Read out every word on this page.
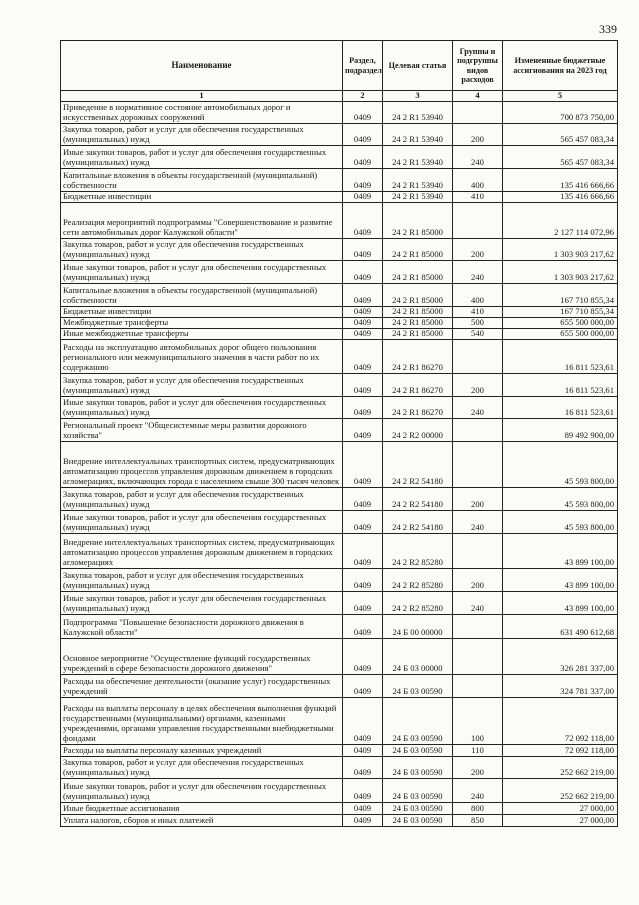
339
Наименование	Раздел, подраздел	Целевая статья	Группы и подгруппы видов расходов	Измененные бюджетные ассигнования на 2023 год
1	2	3	4	5
Приведение в нормативное состояние автомобильных дорог и искусственных дорожных сооружений	0409	24 2 R1 53940		700 873 750,00
Закупка товаров, работ и услуг для обеспечения государственных (муниципальных) нужд	0409	24 2 R1 53940	200	565 457 083,34
Иные закупки товаров, работ и услуг для обеспечения государственных (муниципальных) нужд	0409	24 2 R1 53940	240	565 457 083,34
Капитальные вложения в объекты государственной (муниципальной) собственности	0409	24 2 R1 53940	400	135 416 666,66
Бюджетные инвестиции	0409	24 2 R1 53940	410	135 416 666,66
Реализация мероприятий подпрограммы "Совершенствование и развитие сети автомобильных дорог Калужской области"	0409	24 2 R1 85000		2 127 114 072,96
Закупка товаров, работ и услуг для обеспечения государственных (муниципальных) нужд	0409	24 2 R1 85000	200	1 303 903 217,62
Иные закупки товаров, работ и услуг для обеспечения государственных (муниципальных) нужд	0409	24 2 R1 85000	240	1 303 903 217,62
Капитальные вложения в объекты государственной (муниципальной) собственности	0409	24 2 R1 85000	400	167 710 855,34
Бюджетные инвестиции	0409	24 2 R1 85000	410	167 710 855,34
Межбюджетные трансферты	0409	24 2 R1 85000	500	655 500 000,00
Иные межбюджетные трансферты	0409	24 2 R1 85000	540	655 500 000,00
Расходы на эксплуатацию автомобильных дорог общего пользования регионального или межмуниципального значения в части работ по их содержанию	0409	24 2 R1 86270		16 811 523,61
Закупка товаров, работ и услуг для обеспечения государственных (муниципальных) нужд	0409	24 2 R1 86270	200	16 811 523,61
Иные закупки товаров, работ и услуг для обеспечения государственных (муниципальных) нужд	0409	24 2 R1 86270	240	16 811 523,61
Региональный проект "Общесистемные меры развития дорожного хозяйства"	0409	24 2 R2 00000		89 492 900,00
Внедрение интеллектуальных транспортных систем, предусматривающих автоматизацию процессов управления дорожным движением в городских агломерациях, включающих города с населением свыше 300 тысяч человек	0409	24 2 R2 54180		45 593 800,00
Закупка товаров, работ и услуг для обеспечения государственных (муниципальных) нужд	0409	24 2 R2 54180	200	45 593 800,00
Иные закупки товаров, работ и услуг для обеспечения государственных (муниципальных) нужд	0409	24 2 R2 54180	240	45 593 800,00
Внедрение интеллектуальных транспортных систем, предусматривающих автоматизацию процессов управления дорожным движением в городских агломерациях	0409	24 2 R2 85280		43 899 100,00
Закупка товаров, работ и услуг для обеспечения государственных (муниципальных) нужд	0409	24 2 R2 85280	200	43 899 100,00
Иные закупки товаров, работ и услуг для обеспечения государственных (муниципальных) нужд	0409	24 2 R2 85280	240	43 899 100,00
Подпрограмма "Повышение безопасности дорожного движения в Калужской области"	0409	24 Б 00 00000		631 490 612,68
Основное мероприятие "Осуществление функций государственных учреждений в сфере безопасности дорожного движения"	0409	24 Б 03 00000		326 281 337,00
Расходы на обеспечение деятельности (оказание услуг) государственных учреждений	0409	24 Б 03 00590		324 781 337,00
Расходы на выплаты персоналу в целях обеспечения выполнения функций государственными (муниципальными) органами, казенными учреждениями, органами управления государственными внебюджетными фондами	0409	24 Б 03 00590	100	72 092 118,00
Расходы на выплаты персоналу казенных учреждений	0409	24 Б 03 00590	110	72 092 118,00
Закупка товаров, работ и услуг для обеспечения государственных (муниципальных) нужд	0409	24 Б 03 00590	200	252 662 219,00
Иные закупки товаров, работ и услуг для обеспечения государственных (муниципальных) нужд	0409	24 Б 03 00590	240	252 662 219,00
Иные бюджетные ассигнования	0409	24 Б 03 00590	800	27 000,00
Уплата налогов, сборов и иных платежей	0409	24 Б 03 00590	850	27 000,00
